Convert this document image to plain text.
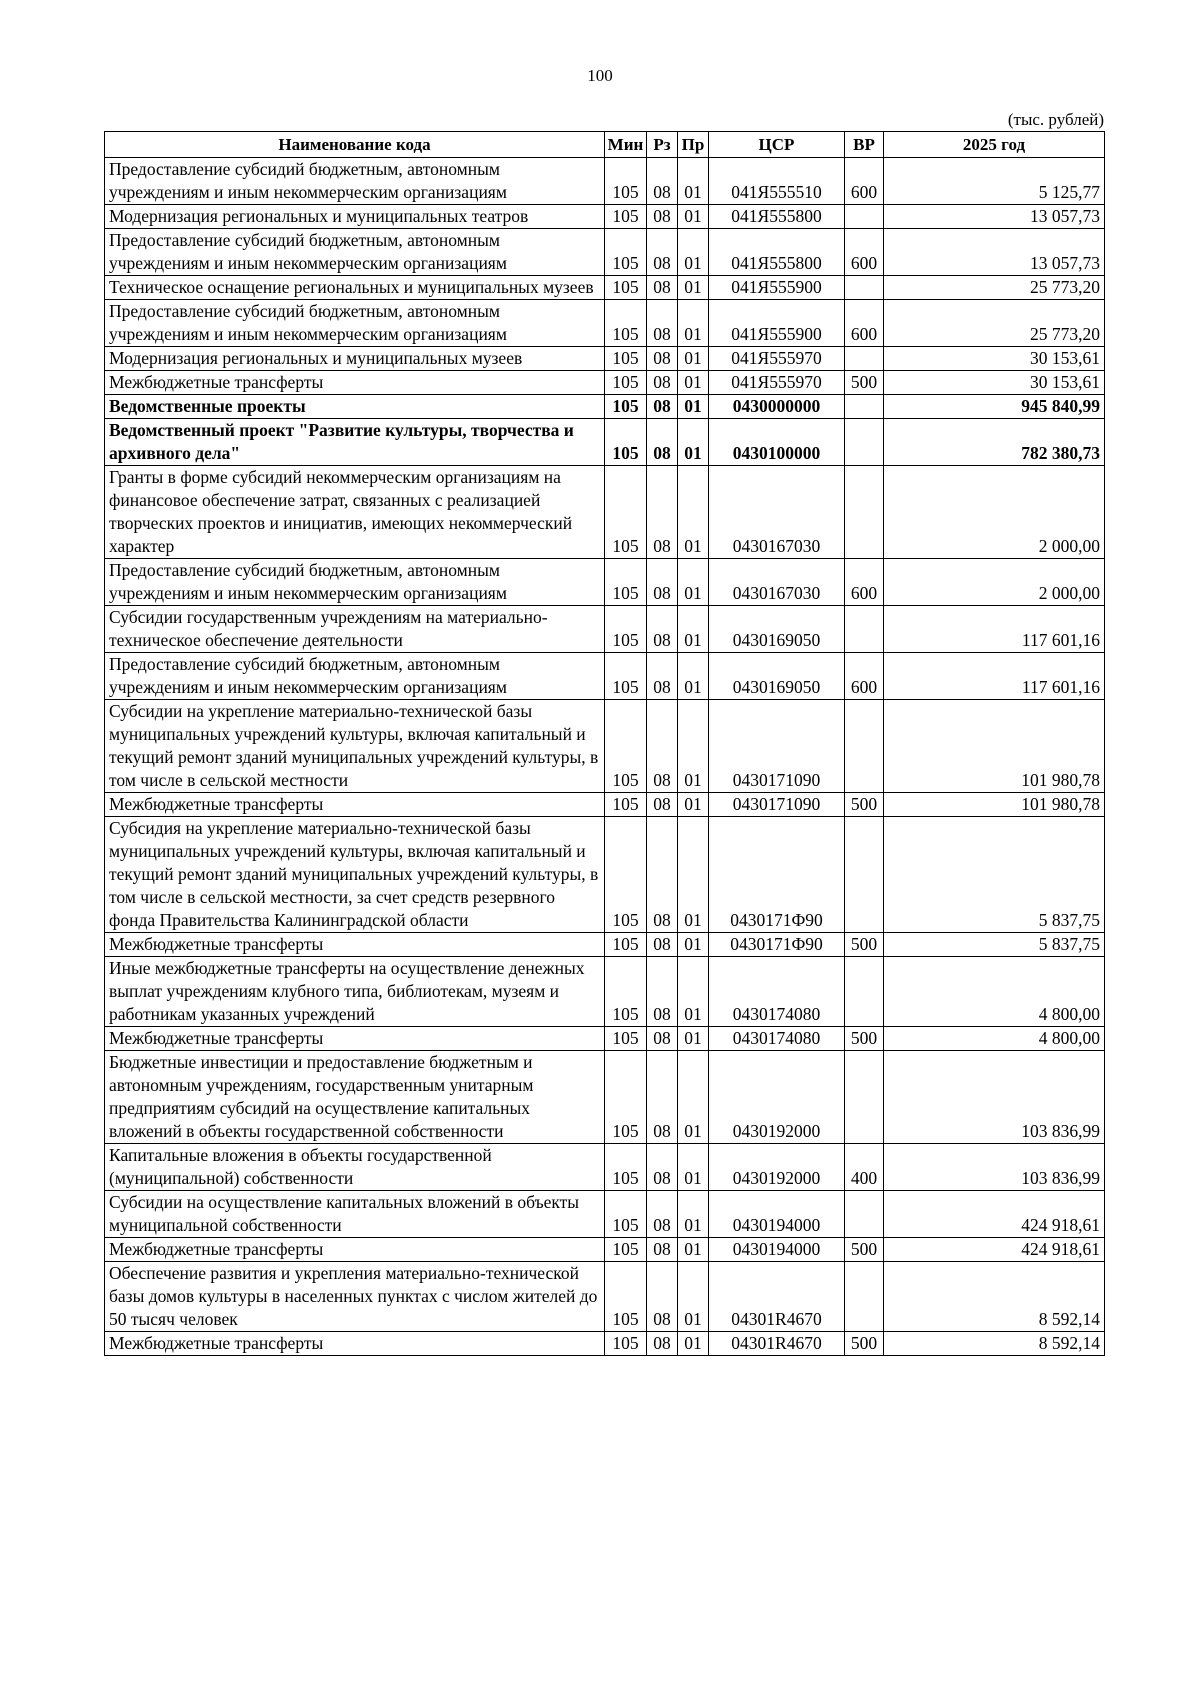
100
(тыс. рублей)
Наименование кода	Мин	Рз	Пр	ЦСР	ВР	2025 год
Предоставление субсидий бюджетным, автономным учреждениям и иным некоммерческим организациям	105	08	01	041Я555510	600	5 125,77
Модернизация региональных и муниципальных театров	105	08	01	041Я555800		13 057,73
Предоставление субсидий бюджетным, автономным учреждениям и иным некоммерческим организациям	105	08	01	041Я555800	600	13 057,73
Техническое оснащение региональных и муниципальных музеев	105	08	01	041Я555900		25 773,20
Предоставление субсидий бюджетным, автономным учреждениям и иным некоммерческим организациям	105	08	01	041Я555900	600	25 773,20
Модернизация региональных и муниципальных музеев	105	08	01	041Я555970		30 153,61
Межбюджетные трансферты	105	08	01	041Я555970	500	30 153,61
Ведомственные проекты	105	08	01	0430000000		945 840,99
Ведомственный проект "Развитие культуры, творчества и архивного дела"	105	08	01	0430100000		782 380,73
Гранты в форме субсидий некоммерческим организациям на финансовое обеспечение затрат, связанных с реализацией творческих проектов и инициатив, имеющих некоммерческий характер	105	08	01	0430167030		2 000,00
Предоставление субсидий бюджетным, автономным учреждениям и иным некоммерческим организациям	105	08	01	0430167030	600	2 000,00
Субсидии государственным учреждениям на материально-техническое обеспечение деятельности	105	08	01	0430169050		117 601,16
Предоставление субсидий бюджетным, автономным учреждениям и иным некоммерческим организациям	105	08	01	0430169050	600	117 601,16
Субсидии на укрепление материально-технической базы муниципальных учреждений культуры, включая капитальный и текущий ремонт зданий муниципальных учреждений культуры, в том числе в сельской местности	105	08	01	0430171090		101 980,78
Межбюджетные трансферты	105	08	01	0430171090	500	101 980,78
Субсидия на укрепление материально-технической базы муниципальных учреждений культуры, включая капитальный и текущий ремонт зданий муниципальных учреждений культуры, в том числе в сельской местности, за счет средств резервного фонда Правительства Калининградской области	105	08	01	0430171Ф90		5 837,75
Межбюджетные трансферты	105	08	01	0430171Ф90	500	5 837,75
Иные межбюджетные трансферты на осуществление денежных выплат учреждениям клубного типа, библиотекам, музеям и работникам указанных учреждений	105	08	01	0430174080		4 800,00
Межбюджетные трансферты	105	08	01	0430174080	500	4 800,00
Бюджетные инвестиции и предоставление бюджетным и автономным учреждениям, государственным унитарным предприятиям субсидий на осуществление капитальных вложений в объекты государственной собственности	105	08	01	0430192000		103 836,99
Капитальные вложения в объекты государственной (муниципальной) собственности	105	08	01	0430192000	400	103 836,99
Субсидии на осуществление капитальных вложений в объекты муниципальной собственности	105	08	01	0430194000		424 918,61
Межбюджетные трансферты	105	08	01	0430194000	500	424 918,61
Обеспечение развития и укрепления материально-технической базы домов культуры в населенных пунктах с числом жителей до 50 тысяч человек	105	08	01	04301R4670		8 592,14
Межбюджетные трансферты	105	08	01	04301R4670	500	8 592,14
